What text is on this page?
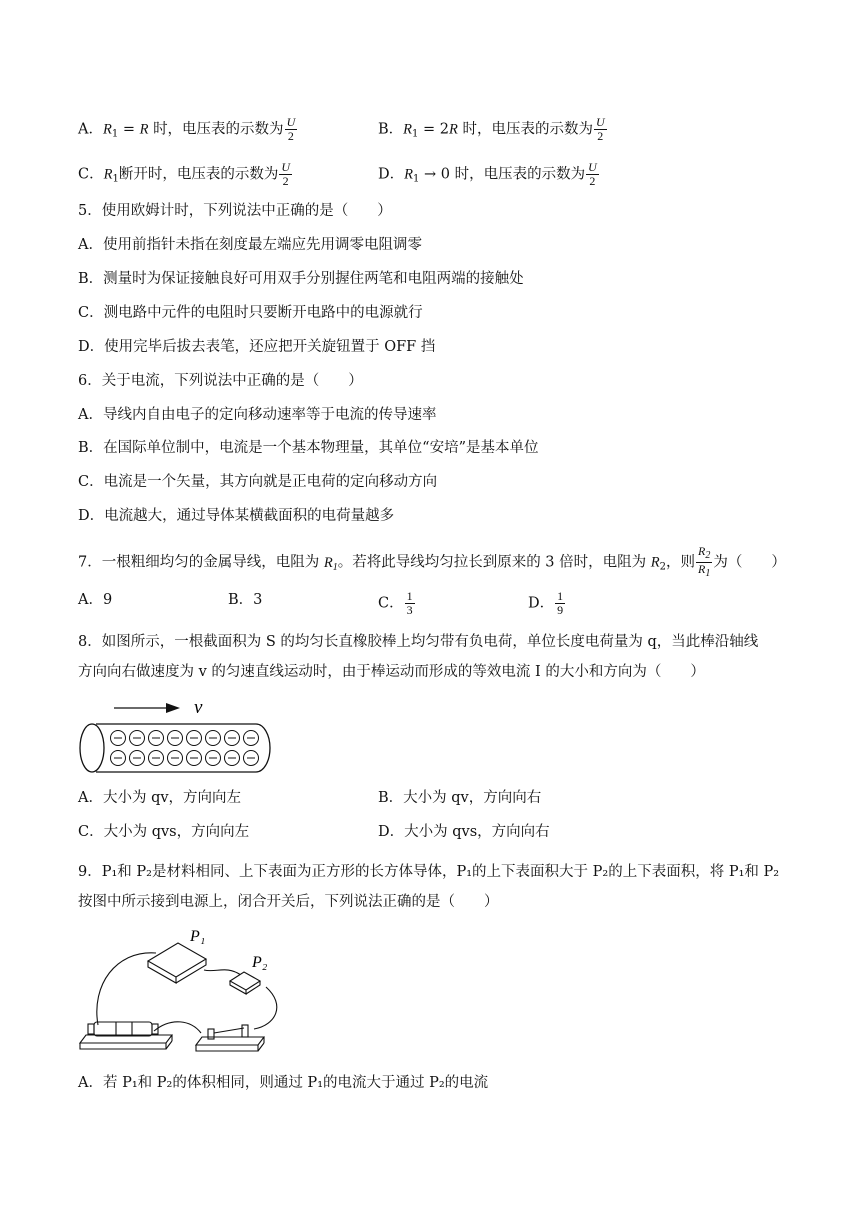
A．$R_1 = R$ 时，电压表的示数为 $\frac{U}{2}$	B．$R_1 = 2R$ 时，电压表的示数为 $\frac{U}{2}$
C．$R_1$断开时，电压表的示数为 $\frac{U}{2}$	D．$R_1 \to 0$ 时，电压表的示数为 $\frac{U}{2}$
5．使用欧姆计时，下列说法中正确的是（　　）
A．使用前指针未指在刻度最左端应先用调零电阻调零
B．测量时为保证接触良好可用双手分别握住两笔和电阻两端的接触处
C．测电路中元件的电阻时只要断开电路中的电源就行
D．使用完毕后拔去表笔，还应把开关旋钮置于 OFF 挡
6．关于电流，下列说法中正确的是（　　）
A．导线内自由电子的定向移动速率等于电流的传导速率
B．在国际单位制中，电流是一个基本物理量，其单位“安培”是基本单位
C．电流是一个矢量，其方向就是正电荷的定向移动方向
D．电流越大，通过导体某横截面积的电荷量越多
7．一根粗细均匀的金属导线，电阻为 $R_1$。若将此导线均匀拉长到原来的 3 倍时，电阻为 $R_2$，则 $\frac{R_2}{R_1}$ 为（　　）
A．9	B．3	C． $\frac{1}{3}$	D． $\frac{1}{9}$
8．如图所示，一根截面积为 S 的均匀长直橡胶棒上均匀带有负电荷，单位长度电荷量为 q，当此棒沿轴线
方向向右做速度为 v 的匀速直线运动时，由于棒运动而形成的等效电流 I 的大小和方向为（　　）
v
A．大小为 qv，方向向左	B．大小为 qv，方向向右
C．大小为 qvs，方向向左	D．大小为 qvs，方向向右
9．P₁和 P₂是材料相同、上下表面为正方形的长方体导体，P₁的上下表面积大于 P₂的上下表面积，将 P₁和 P₂
按图中所示接到电源上，闭合开关后，下列说法正确的是（　　）
P₁
P₂
A．若 P₁和 P₂的体积相同，则通过 P₁的电流大于通过 P₂的电流
